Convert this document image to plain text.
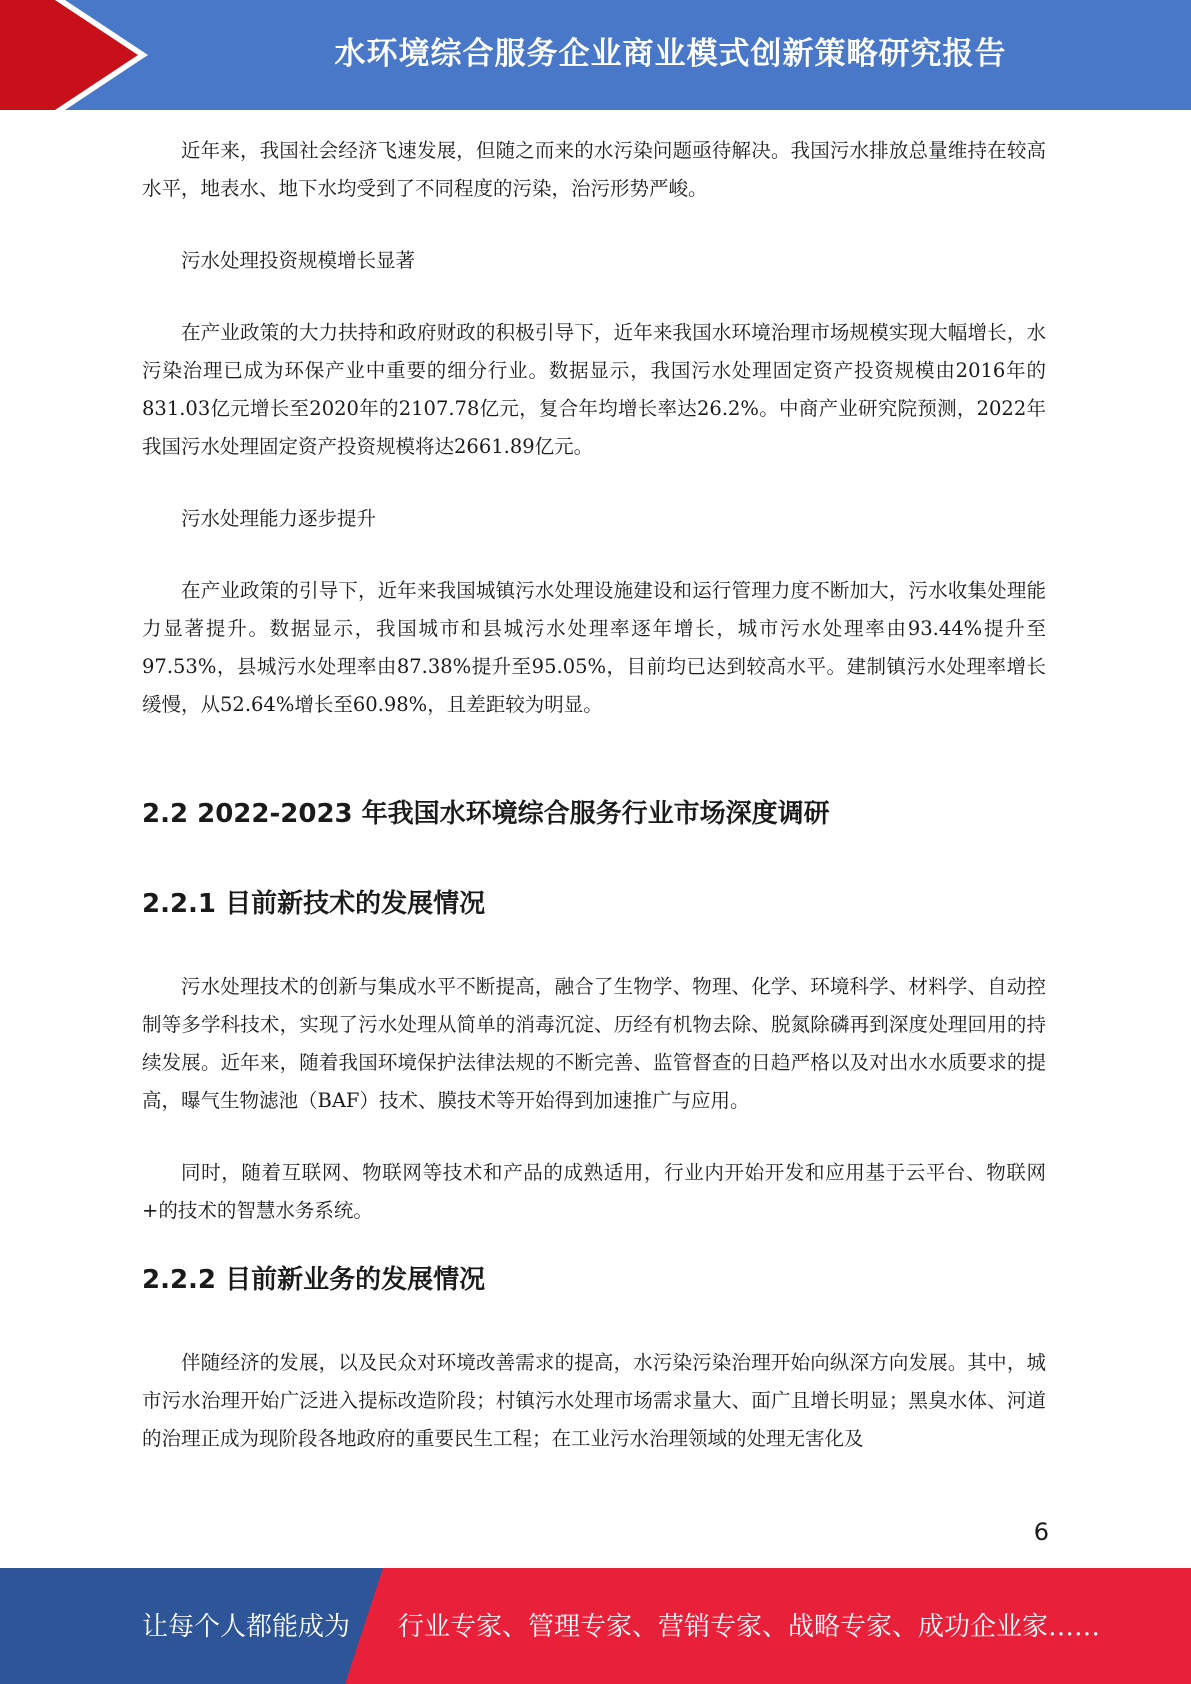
水环境综合服务企业商业模式创新策略研究报告

近年来，我国社会经济飞速发展，但随之而来的水污染问题亟待解决。我国污水排放总量维持在较高水平，地表水、地下水均受到了不同程度的污染，治污形势严峻。

污水处理投资规模增长显著

在产业政策的大力扶持和政府财政的积极引导下，近年来我国水环境治理市场规模实现大幅增长，水污染治理已成为环保产业中重要的细分行业。数据显示，我国污水处理固定资产投资规模由2016年的831.03亿元增长至2020年的2107.78亿元，复合年均增长率达26.2%。中商产业研究院预测，2022年我国污水处理固定资产投资规模将达2661.89亿元。

污水处理能力逐步提升

在产业政策的引导下，近年来我国城镇污水处理设施建设和运行管理力度不断加大，污水收集处理能力显著提升。数据显示，我国城市和县城污水处理率逐年增长，城市污水处理率由93.44%提升至97.53%，县城污水处理率由87.38%提升至95.05%，目前均已达到较高水平。建制镇污水处理率增长缓慢，从52.64%增长至60.98%，且差距较为明显。

2.2 2022-2023 年我国水环境综合服务行业市场深度调研
2.2.1 目前新技术的发展情况

污水处理技术的创新与集成水平不断提高，融合了生物学、物理、化学、环境科学、材料学、自动控制等多学科技术，实现了污水处理从简单的消毒沉淀、历经有机物去除、脱氮除磷再到深度处理回用的持续发展。近年来，随着我国环境保护法律法规的不断完善、监管督查的日趋严格以及对出水水质要求的提高，曝气生物滤池（BAF）技术、膜技术等开始得到加速推广与应用。

同时，随着互联网、物联网等技术和产品的成熟适用，行业内开始开发和应用基于云平台、物联网+的技术的智慧水务系统。

2.2.2 目前新业务的发展情况

伴随经济的发展，以及民众对环境改善需求的提高，水污染污染治理开始向纵深方向发展。其中，城市污水治理开始广泛进入提标改造阶段；村镇污水处理市场需求量大、面广且增长明显；黑臭水体、河道的治理正成为现阶段各地政府的重要民生工程；在工业污水治理领域的处理无害化及

6
让每个人都能成为 行业专家、管理专家、营销专家、战略专家、成功企业家……
